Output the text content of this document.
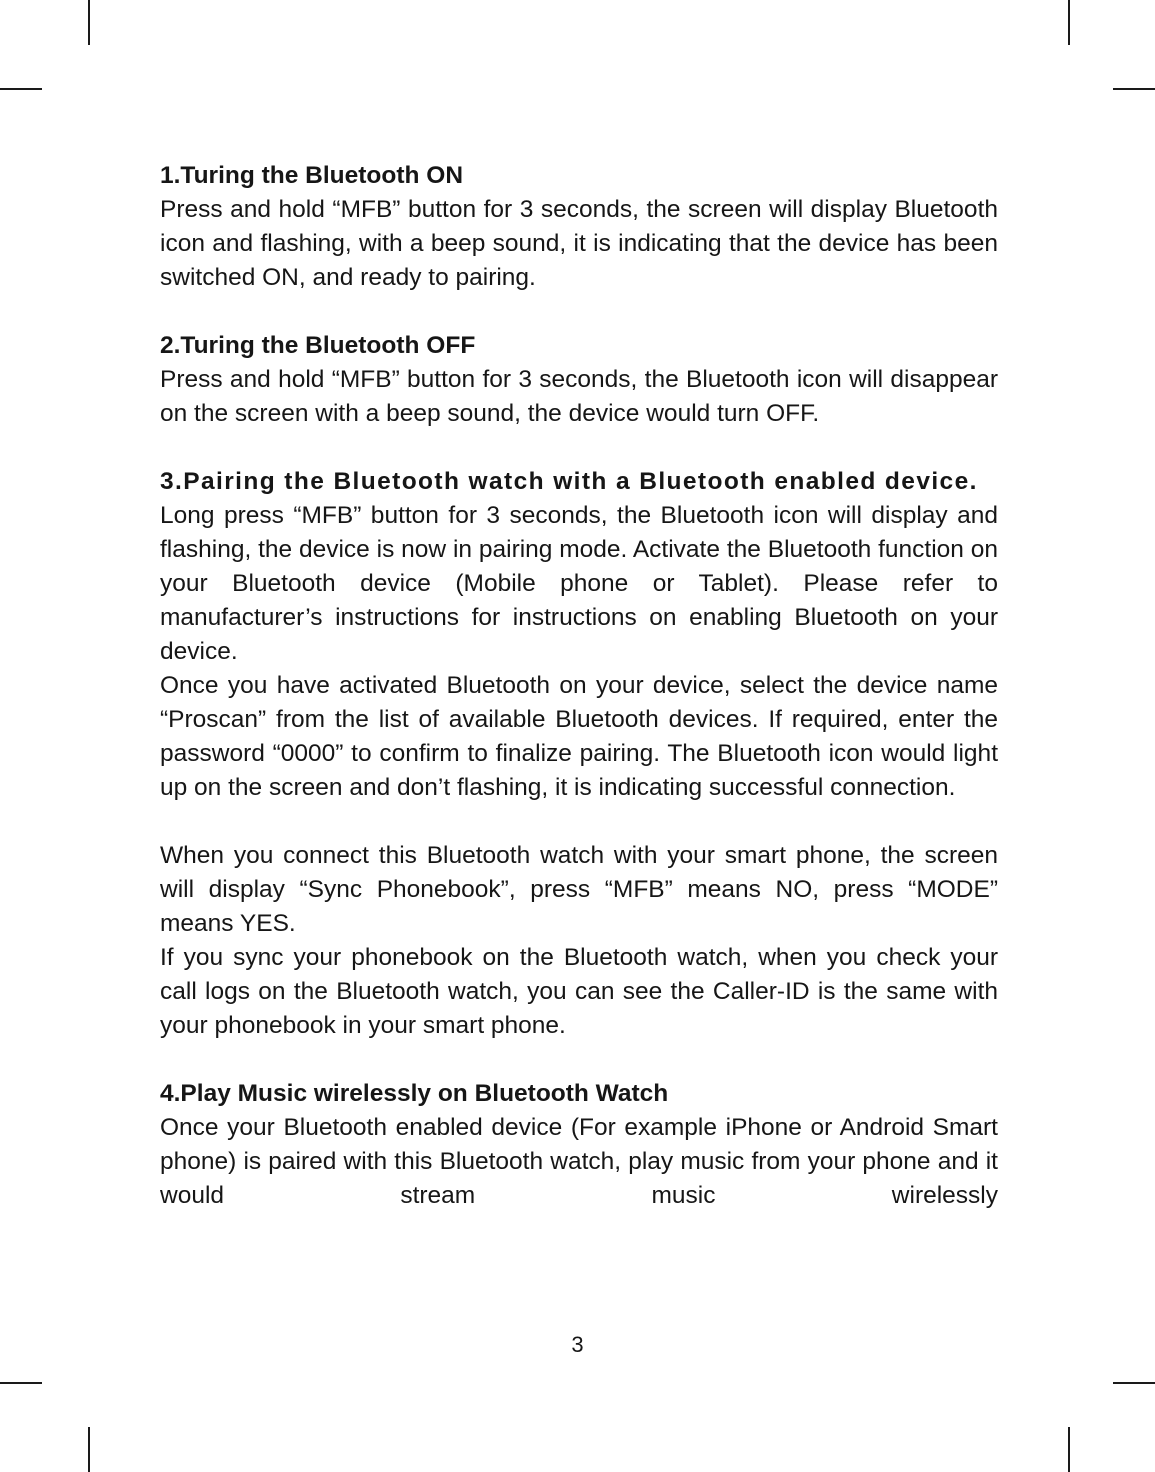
1.Turing the Bluetooth ON

Press and hold “MFB” button for 3 seconds, the screen will display Bluetooth icon and flashing, with a beep sound, it is indicating that the device has been switched ON, and ready to pairing.

2.Turing the Bluetooth OFF

Press and hold “MFB” button for 3 seconds, the Bluetooth icon will disappear on the screen with a beep sound, the device would turn OFF.

3.Pairing the Bluetooth watch with a Bluetooth enabled device.

Long press “MFB” button for 3 seconds, the Bluetooth icon will display and flashing, the device is now in pairing mode. Activate the Bluetooth function on your Bluetooth device (Mobile phone or Tablet). Please refer to manufacturer’s instructions for instructions on enabling Bluetooth on your device.

Once you have activated Bluetooth on your device, select the device name “Proscan” from the list of available Bluetooth devices. If required, enter the password “0000” to confirm to finalize pairing. The Bluetooth icon would light up on the screen and don’t flashing, it is indicating successful connection.

When you connect this Bluetooth watch with your smart phone, the screen will display “Sync Phonebook”, press “MFB” means NO, press “MODE” means YES.

If you sync your phonebook on the Bluetooth watch, when you check your call logs on the Bluetooth watch, you can see the Caller-ID is the same with your phonebook in your smart phone.

4.Play Music wirelessly on Bluetooth Watch

Once your Bluetooth enabled device (For example iPhone or Android Smart phone) is paired with this Bluetooth watch, play music from your phone and it would stream music wirelessly

3
